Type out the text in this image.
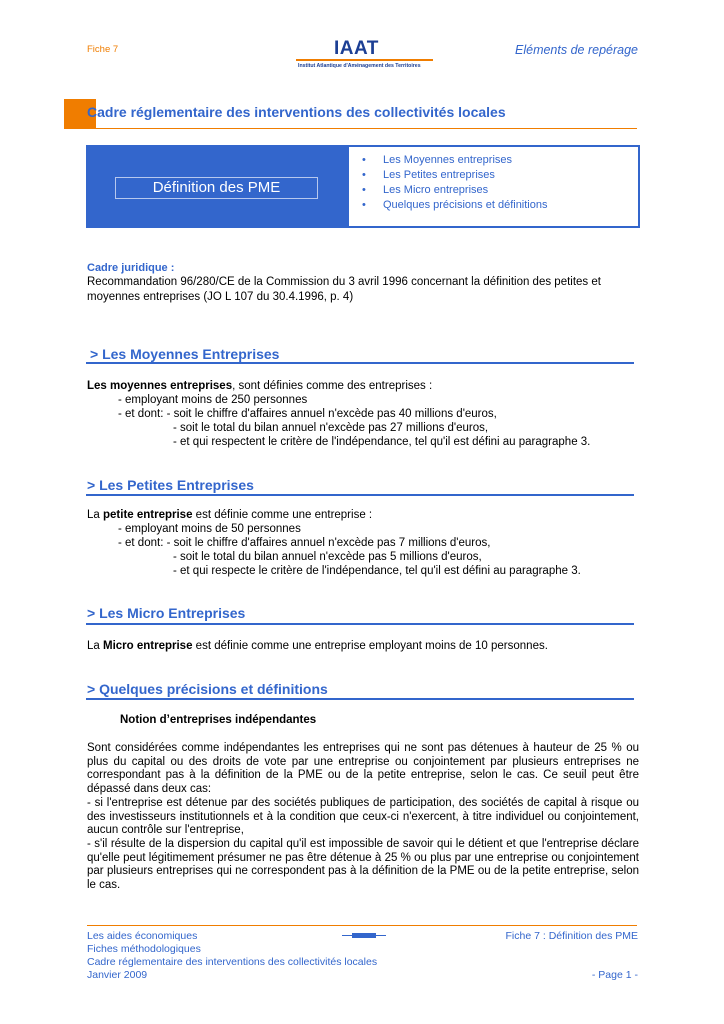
Fiche 7	IAAT
Institut Atlantique d'Aménagement des Territoires
Eléments de repérage
Cadre réglementaire des interventions des collectivités locales
Définition des PME
• Les Moyennes entreprises
• Les Petites entreprises
• Les Micro entreprises
• Quelques précisions et définitions
Cadre juridique :
Recommandation 96/280/CE de la Commission du 3 avril 1996 concernant la définition des petites et moyennes entreprises (JO L 107 du 30.4.1996, p. 4)
> Les Moyennes Entreprises
Les moyennes entreprises, sont définies comme des entreprises :
- employant moins de 250 personnes
- et dont: - soit le chiffre d'affaires annuel n'excède pas 40 millions d'euros,
- soit le total du bilan annuel n'excède pas 27 millions d'euros,
- et qui respectent le critère de l'indépendance, tel qu'il est défini au paragraphe 3.
> Les Petites Entreprises
La petite entreprise est définie comme une entreprise :
- employant moins de 50 personnes
- et dont: - soit le chiffre d'affaires annuel n'excède pas 7 millions d'euros,
- soit le total du bilan annuel n'excède pas 5 millions d'euros,
- et qui respecte le critère de l'indépendance, tel qu'il est défini au paragraphe 3.
> Les Micro Entreprises
La Micro entreprise est définie comme une entreprise employant moins de 10 personnes.
> Quelques précisions et définitions
Notion d’entreprises indépendantes

Sont considérées comme indépendantes les entreprises qui ne sont pas détenues à hauteur de 25 % ou plus du capital ou des droits de vote par une entreprise ou conjointement par plusieurs entreprises ne correspondant pas à la définition de la PME ou de la petite entreprise, selon le cas. Ce seuil peut être dépassé dans deux cas:

- si l'entreprise est détenue par des sociétés publiques de participation, des sociétés de capital à risque ou des investisseurs institutionnels et à la condition que ceux-ci n'exercent, à titre individuel ou conjointement, aucun contrôle sur l'entreprise,

- s'il résulte de la dispersion du capital qu'il est impossible de savoir qui le détient et que l'entreprise déclare qu'elle peut légitimement présumer ne pas être détenue à 25 % ou plus par une entreprise ou conjointement par plusieurs entreprises qui ne correspondent pas à la définition de la PME ou de la petite entreprise, selon le cas.

Les aides économiques
Fiches méthodologiques
Cadre réglementaire des interventions des collectivités locales
Janvier 2009
Fiche 7 : Définition des PME
- Page 1 -
